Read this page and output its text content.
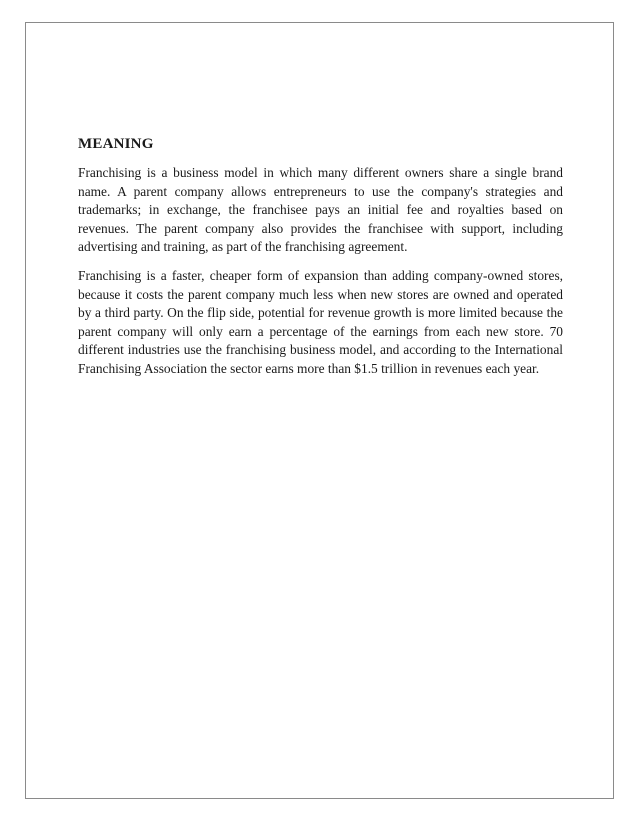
MEANING

Franchising is a business model in which many different owners share a single brand name. A parent company allows entrepreneurs to use the company's strategies and trademarks; in exchange, the franchisee pays an initial fee and royalties based on revenues. The parent company also provides the franchisee with support, including advertising and training, as part of the franchising agreement.

Franchising is a faster, cheaper form of expansion than adding company-owned stores, because it costs the parent company much less when new stores are owned and operated by a third party. On the flip side, potential for revenue growth is more limited because the parent company will only earn a percentage of the earnings from each new store. 70 different industries use the franchising business model, and according to the International Franchising Association the sector earns more than $1.5 trillion in revenues each year.
